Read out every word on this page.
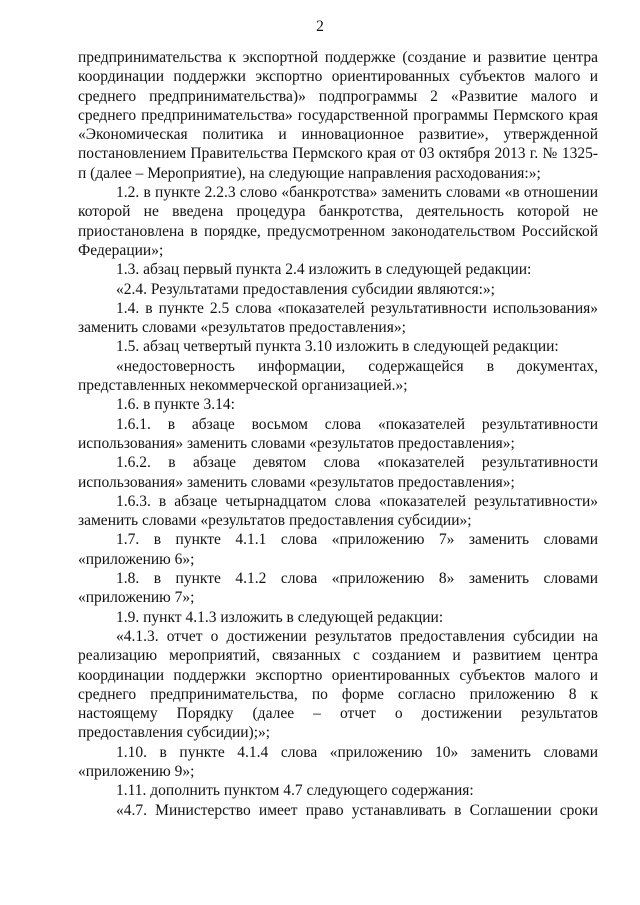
2

предпринимательства к экспортной поддержке (создание и развитие центра координации поддержки экспортно ориентированных субъектов малого и среднего предпринимательства)» подпрограммы 2 «Развитие малого и среднего предпринимательства» государственной программы Пермского края «Экономическая политика и инновационное развитие», утвержденной постановлением Правительства Пермского края от 03 октября 2013 г. № 1325-п (далее – Мероприятие), на следующие направления расходования:»;

1.2. в пункте 2.2.3 слово «банкротства» заменить словами «в отношении которой не введена процедура банкротства, деятельность которой не приостановлена в порядке, предусмотренном законодательством Российской Федерации»;

1.3. абзац первый пункта 2.4 изложить в следующей редакции:

«2.4. Результатами предоставления субсидии являются:»;

1.4. в пункте 2.5 слова «показателей результативности использования» заменить словами «результатов предоставления»;

1.5. абзац четвертый пункта 3.10 изложить в следующей редакции:

«недостоверность информации, содержащейся в документах, представленных некоммерческой организацией.»;

1.6. в пункте 3.14:

1.6.1. в абзаце восьмом слова «показателей результативности использования» заменить словами «результатов предоставления»;

1.6.2. в абзаце девятом слова «показателей результативности использования» заменить словами «результатов предоставления»;

1.6.3. в абзаце четырнадцатом слова «показателей результативности» заменить словами «результатов предоставления субсидии»;

1.7. в пункте 4.1.1 слова «приложению 7» заменить словами «приложению 6»;

1.8. в пункте 4.1.2 слова «приложению 8» заменить словами «приложению 7»;

1.9. пункт 4.1.3 изложить в следующей редакции:

«4.1.3. отчет о достижении результатов предоставления субсидии на реализацию мероприятий, связанных с созданием и развитием центра координации поддержки экспортно ориентированных субъектов малого и среднего предпринимательства, по форме согласно приложению 8 к настоящему Порядку (далее – отчет о достижении результатов предоставления субсидии);»;

1.10. в пункте 4.1.4 слова «приложению 10» заменить словами «приложению 9»;

1.11. дополнить пунктом 4.7 следующего содержания:

«4.7. Министерство имеет право устанавливать в Соглашении сроки
